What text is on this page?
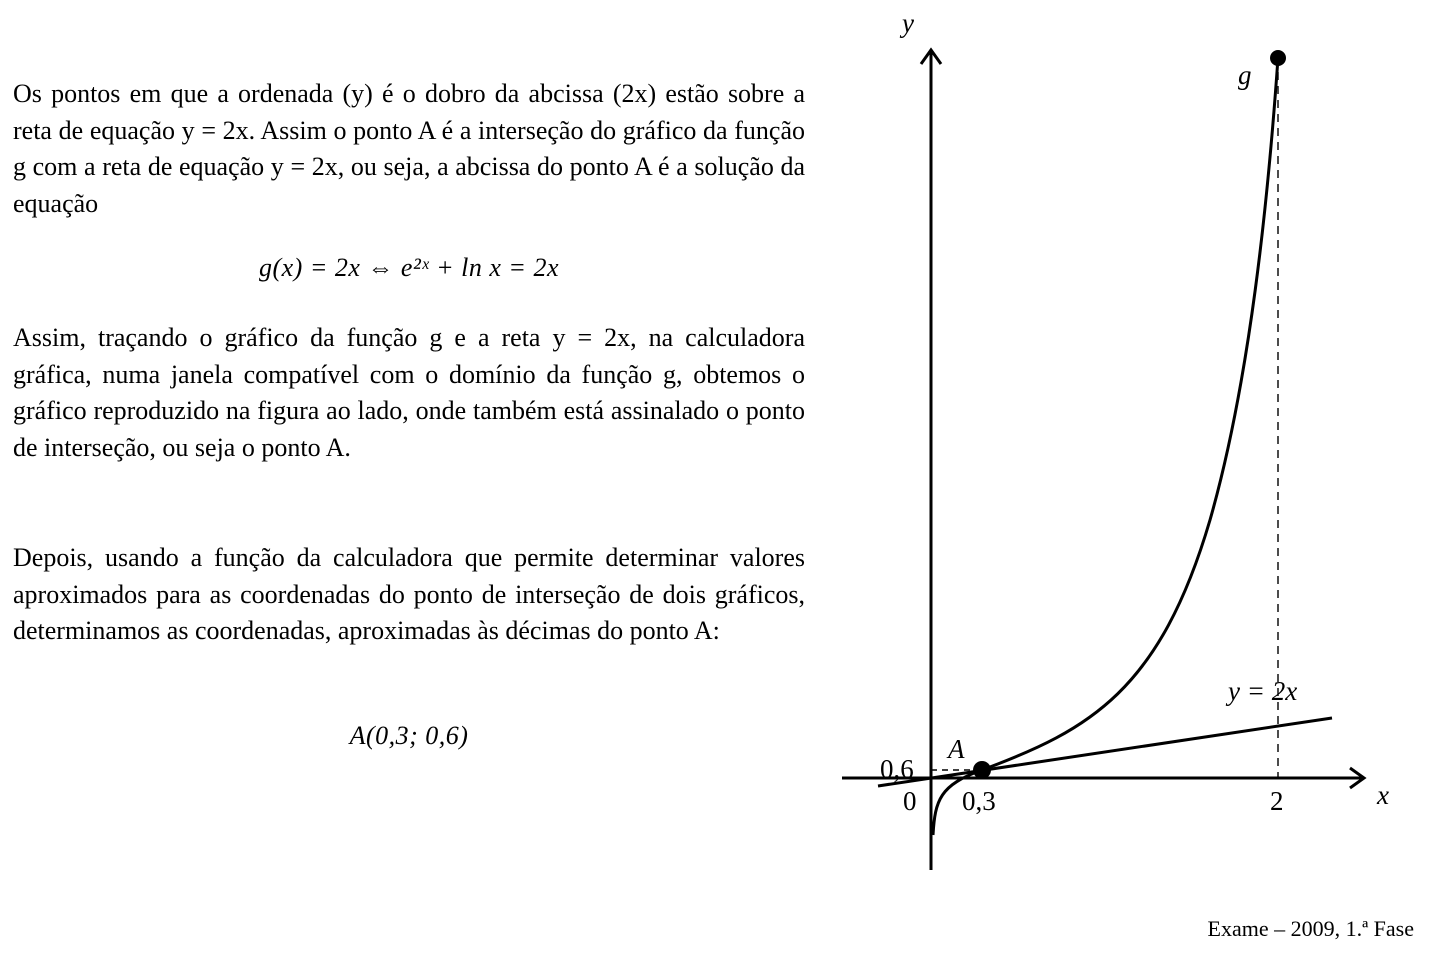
Os pontos em que a ordenada (y) é o dobro da abcissa (2x) estão sobre a reta de equação y = 2x. Assim o ponto A é a interseção do gráfico da função g com a reta de equação y = 2x, ou seja, a abcissa do ponto A é a solução da equação

g(x) = 2x ⇔ e²ˣ + ln x = 2x

Assim, traçando o gráfico da função g e a reta y = 2x, na calculadora gráfica, numa janela compatível com o domínio da função g, obtemos o gráfico reproduzido na figura ao lado, onde também está assinalado o ponto de interseção, ou seja o ponto A.

Depois, usando a função da calculadora que permite determinar valores aproximados para as coordenadas do ponto de interseção de dois gráficos, determinamos as coordenadas, aproximadas às décimas do ponto A:

A(0,3; 0,6)
y
x
g
y = 2x
A
0,3
0,6
0	2
Exame – 2009, 1.ª Fase
